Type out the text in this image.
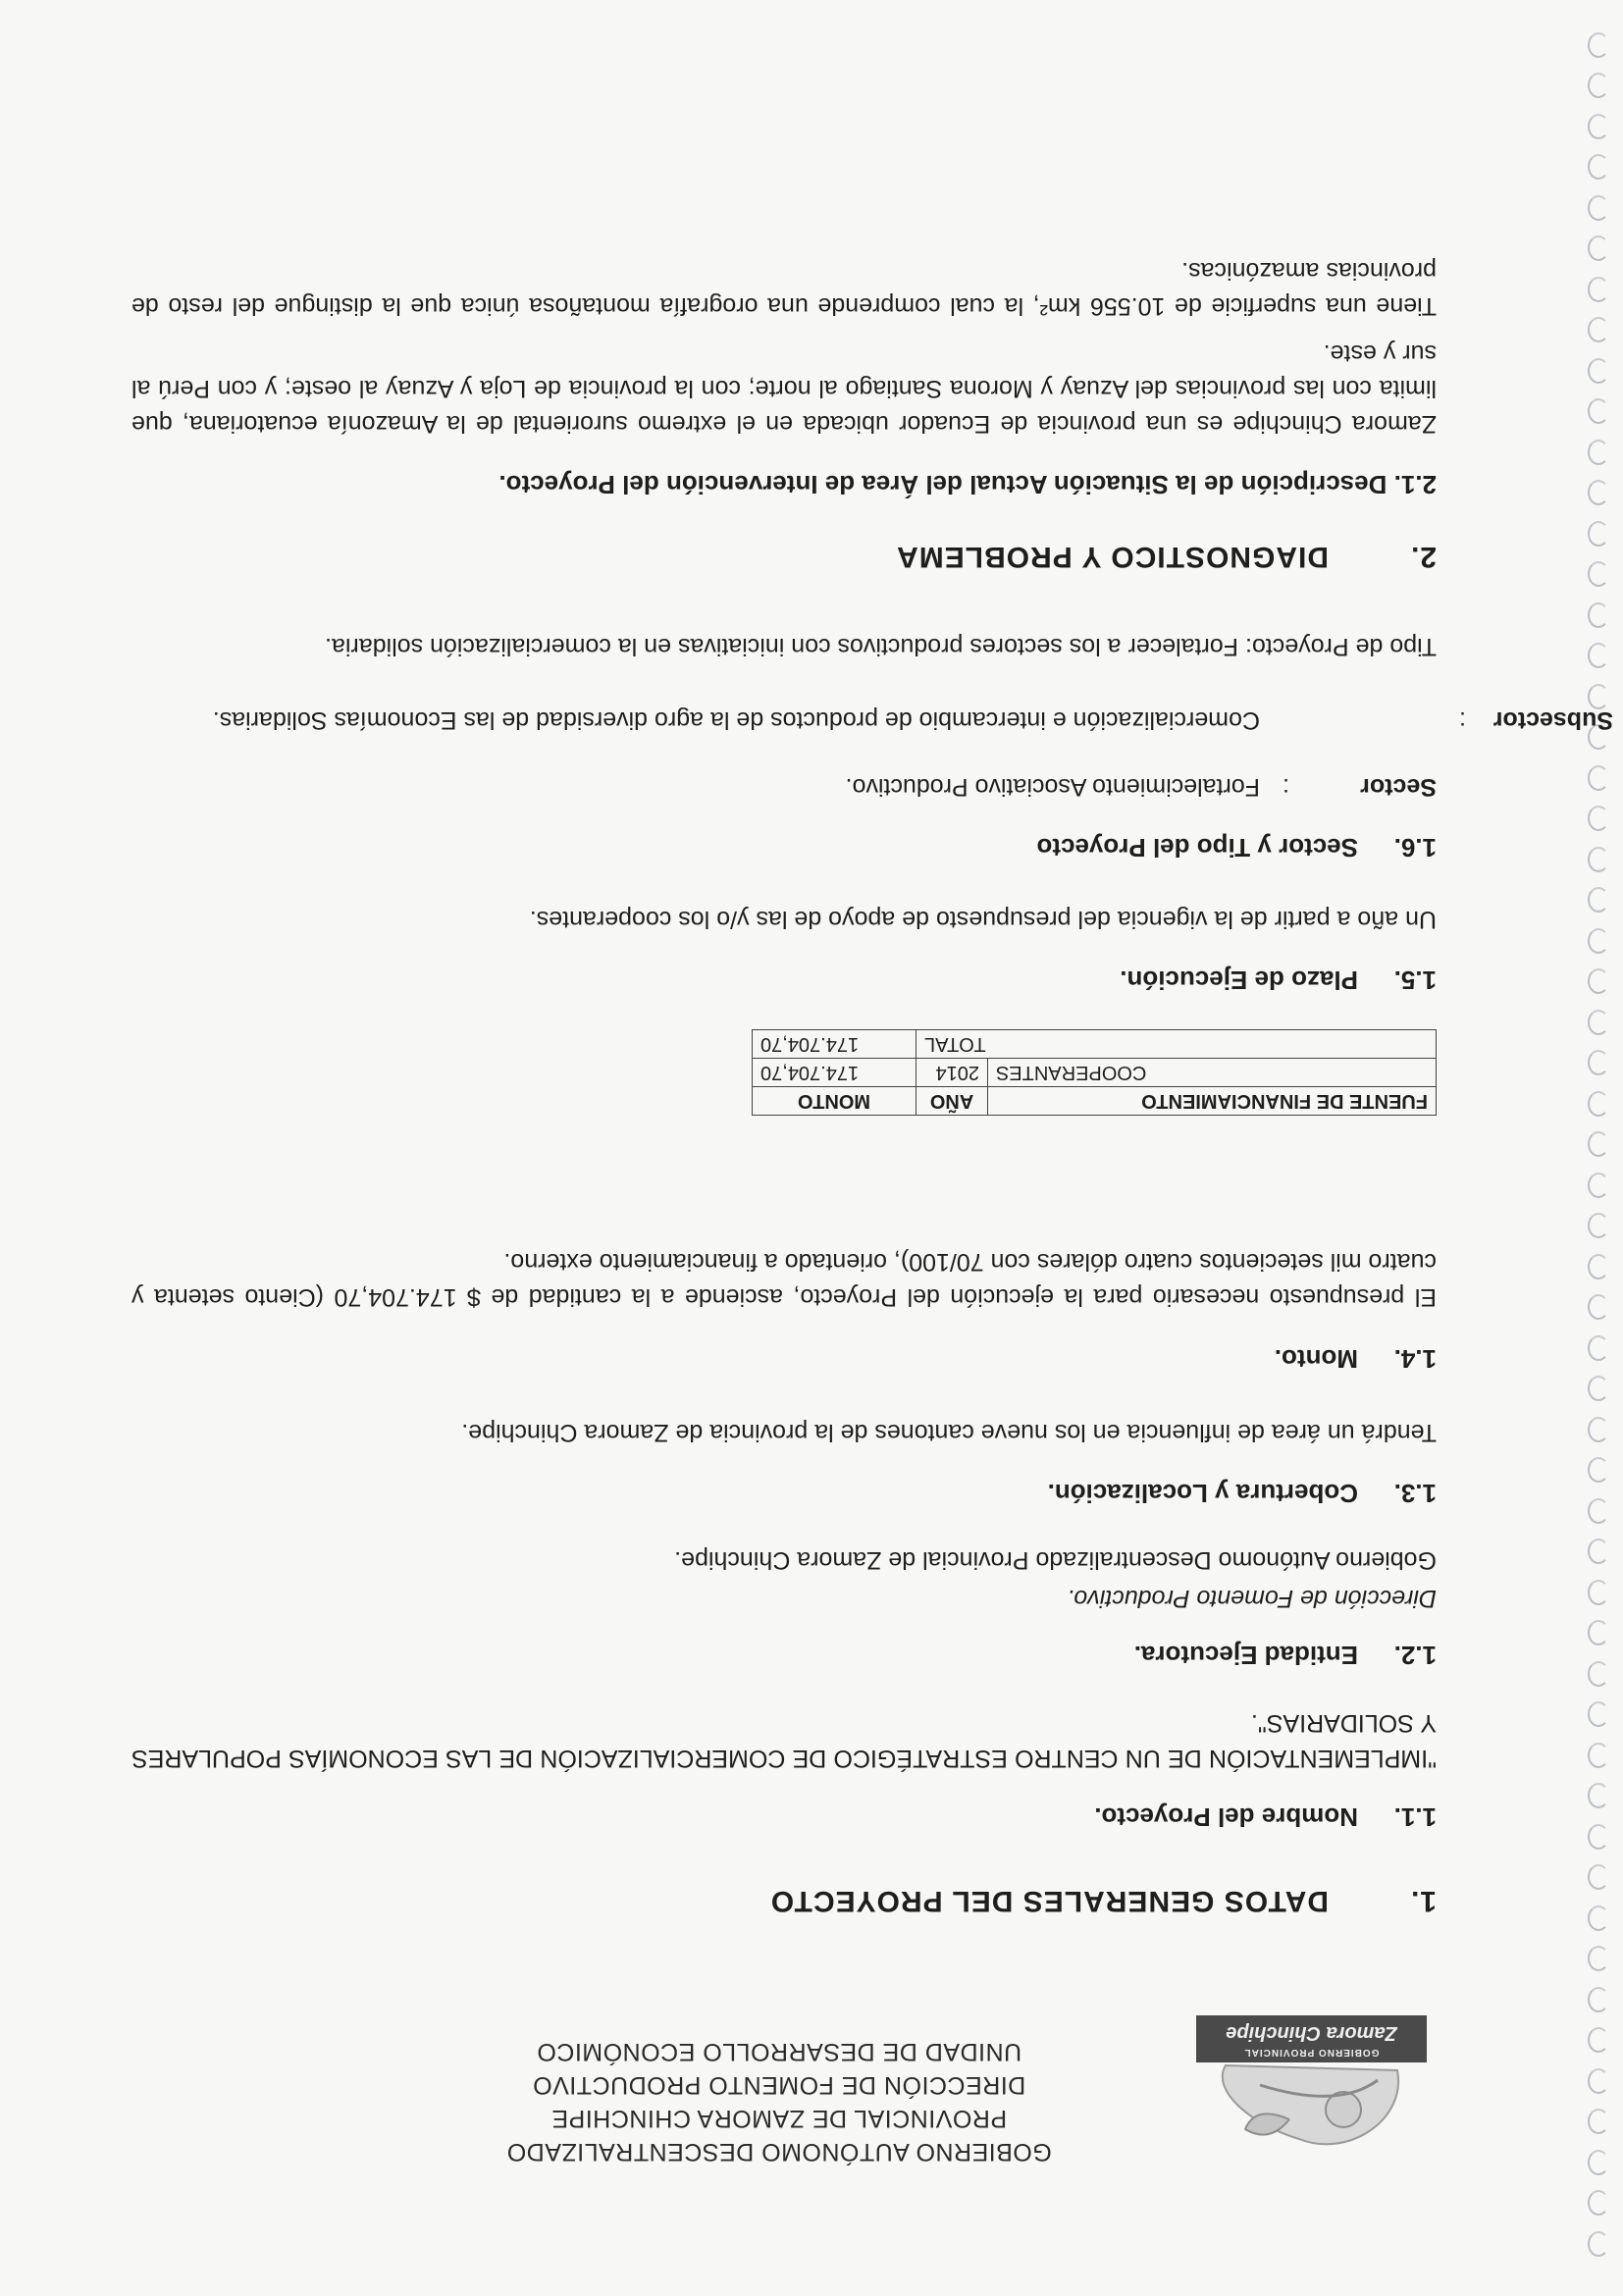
GOBIERNO PROVINCIAL
Zamora Chinchipe
GOBIERNO AUTÓNOMO DESCENTRALIZADO
PROVINCIAL DE ZAMORA CHINCHIPE
DIRECCIÓN DE FOMENTO PRODUCTIVO
UNIDAD DE DESARROLLO ECONÓMICO
1.DATOS GENERALES DEL PROYECTO
1.1.Nombre del Proyecto.
"IMPLEMENTACIÓN DE UN CENTRO ESTRATÉGICO DE COMERCIALIZACIÓN DE LAS ECONOMÍAS POPULARES Y SOLIDARIAS".
1.2.Entidad Ejecutora.
Dirección de Fomento Productivo.
Gobierno Autónomo Descentralizado Provincial de Zamora Chinchipe.
1.3.Cobertura y Localización.
Tendrá un área de influencia en los nueve cantones de la provincia de Zamora Chinchipe.
1.4.Monto.
El presupuesto necesario para la ejecución del Proyecto, asciende a la cantidad de $ 174.704,70 (Ciento setenta y cuatro mil setecientos cuatro dólares con 70/100), orientado a financiamiento externo.
FUENTE DE FINANCIAMIENTO	AÑO	MONTO
COOPERANTES	2014	174.704,70
TOTAL		174.704,70
1.5.Plazo de Ejecución.
Un año a partir de la vigencia del presupuesto de apoyo de las y/o los cooperantes.
1.6.Sector y Tipo del Proyecto
Sector:Fortalecimiento Asociativo Productivo.
Subsector:Comercialización e intercambio de productos de la agro diversidad de las Economías Solidarias.
Tipo de Proyecto: Fortalecer a los sectores productivos con iniciativas en la comercialización solidaria.
2.DIAGNOSTICO Y PROBLEMA
2.1. Descripción de la Situación Actual del Área de Intervención del Proyecto.
Zamora Chinchipe es una provincia de Ecuador ubicada en el extremo suroriental de la Amazonía ecuatoriana, que limita con las provincias del Azuay y Morona Santiago al norte; con la provincia de Loja y Azuay al oeste; y con Perú al sur y este.
Tiene una superficie de 10.556 km², la cual comprende una orografía montañosa única que la distingue del resto de provincias amazónicas.
